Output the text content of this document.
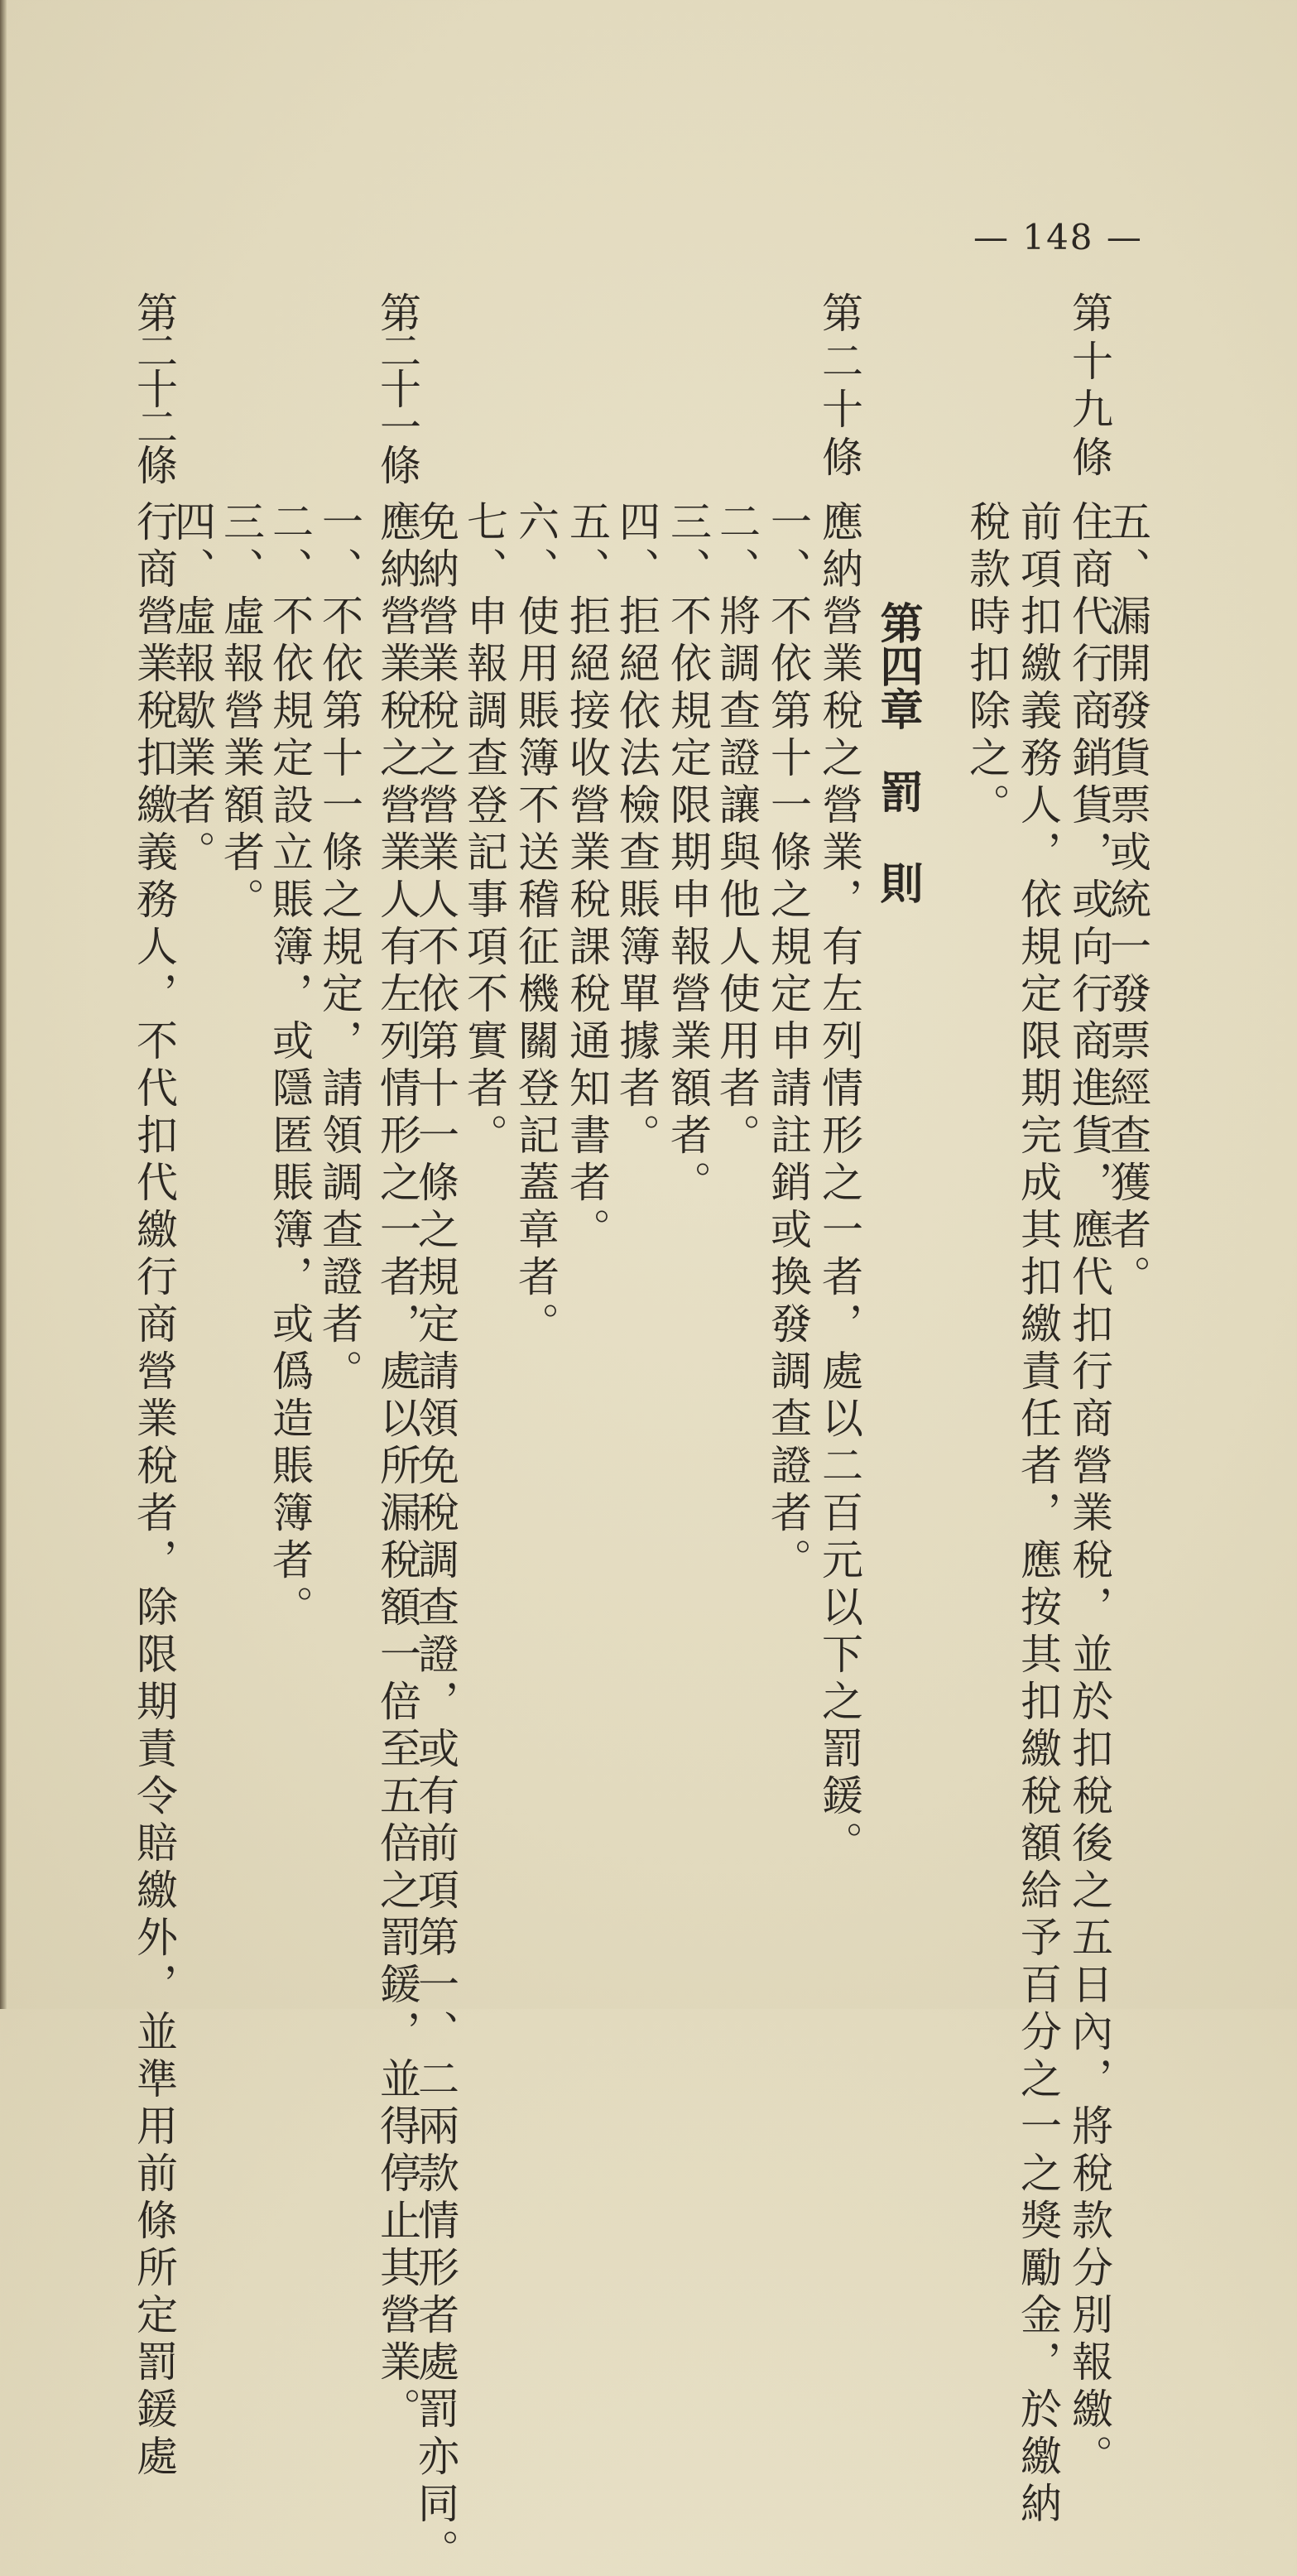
— 148 —
五、漏開發貨票或統一發票經查獲者。
第十九條
住商代行商銷貨，或向行商進貨，應代扣行商營業稅，並於扣稅後之五日內，將稅款分別報繳。
前項扣繳義務人，依規定限期完成其扣繳責任者，應按其扣繳稅額給予百分之一之獎勵金，於繳納
稅款時扣除之。
第四章
罰
則
第二十條
應納營業稅之營業，有左列情形之一者，處以二百元以下之罰鍰。
一、不依第十一條之規定申請註銷或換發調查證者。
二、將調查證讓與他人使用者。
三、不依規定限期申報營業額者。
四、拒絕依法檢查賬簿單據者。
五、拒絕接收營業稅課稅通知書者。
六、使用賬簿不送稽征機關登記蓋章者。
七、申報調查登記事項不實者。
免納營業稅之營業人不依第十一條之規定請領免稅調查證，或有前項第一、二兩款情形者處罰亦同。
第二十一條
應納營業稅之營業人有左列情形之一者，處以所漏稅額一倍至五倍之罰鍰，並得停止其營業。
一、不依第十一條之規定，請領調查證者。
二、不依規定設立賬簿，或隱匿賬簿，或僞造賬簿者。
三、虛報營業額者。
四、虛報歇業者。
第二十二條
行商營業稅扣繳義務人，不代扣代繳行商營業稅者，除限期責令賠繳外，並準用前條所定罰鍰處
